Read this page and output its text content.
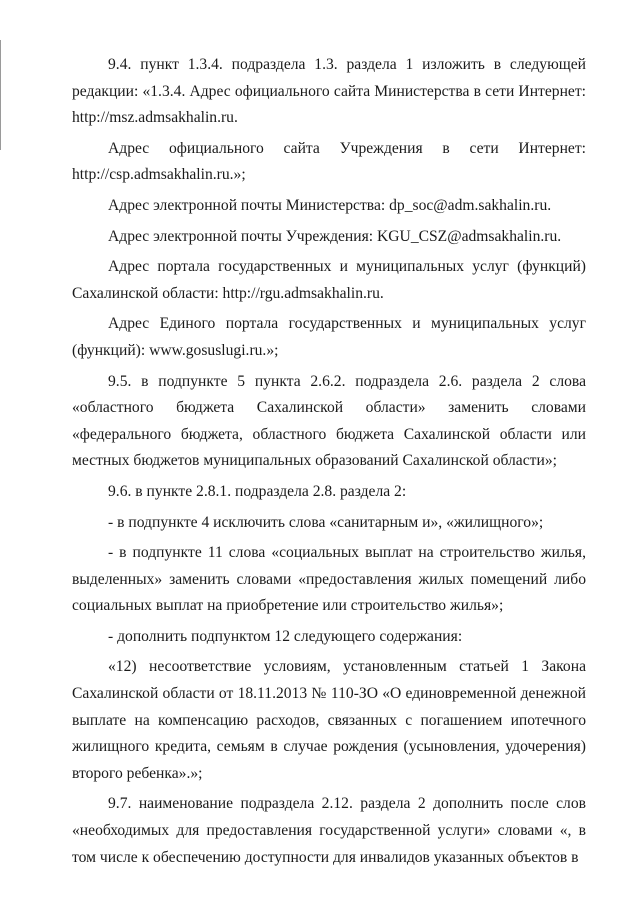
9.4. пункт 1.3.4. подраздела 1.3. раздела 1 изложить в следующей редакции: «1.3.4. Адрес официального сайта Министерства в сети Интернет: http://msz.admsakhalin.ru.

Адрес официального сайта Учреждения в сети Интернет: http://csp.admsakhalin.ru.»;

Адрес электронной почты Министерства: dp_soc@adm.sakhalin.ru.

Адрес электронной почты Учреждения: KGU_CSZ@admsakhalin.ru.

Адрес портала государственных и муниципальных услуг (функций) Сахалинской области: http://rgu.admsakhalin.ru.

Адрес Единого портала государственных и муниципальных услуг (функций): www.gosuslugi.ru.»;

9.5. в подпункте 5 пункта 2.6.2. подраздела 2.6. раздела 2 слова «областного бюджета Сахалинской области» заменить словами «федерального бюджета, областного бюджета Сахалинской области или местных бюджетов муниципальных образований Сахалинской области»;

9.6. в пункте 2.8.1. подраздела 2.8. раздела 2:

- в подпункте 4 исключить слова «санитарным и», «жилищного»;

- в подпункте 11 слова «социальных выплат на строительство жилья, выделенных» заменить словами «предоставления жилых помещений либо социальных выплат на приобретение или строительство жилья»;

- дополнить подпунктом 12 следующего содержания:

«12) несоответствие условиям, установленным статьей 1 Закона Сахалинской области от 18.11.2013 № 110-ЗО «О единовременной денежной выплате на компенсацию расходов, связанных с погашением ипотечного жилищного кредита, семьям в случае рождения (усыновления, удочерения) второго ребенка».»;

9.7. наименование подраздела 2.12. раздела 2 дополнить после слов «необходимых для предоставления государственной услуги» словами «, в том числе к обеспечению доступности для инвалидов указанных объектов в
